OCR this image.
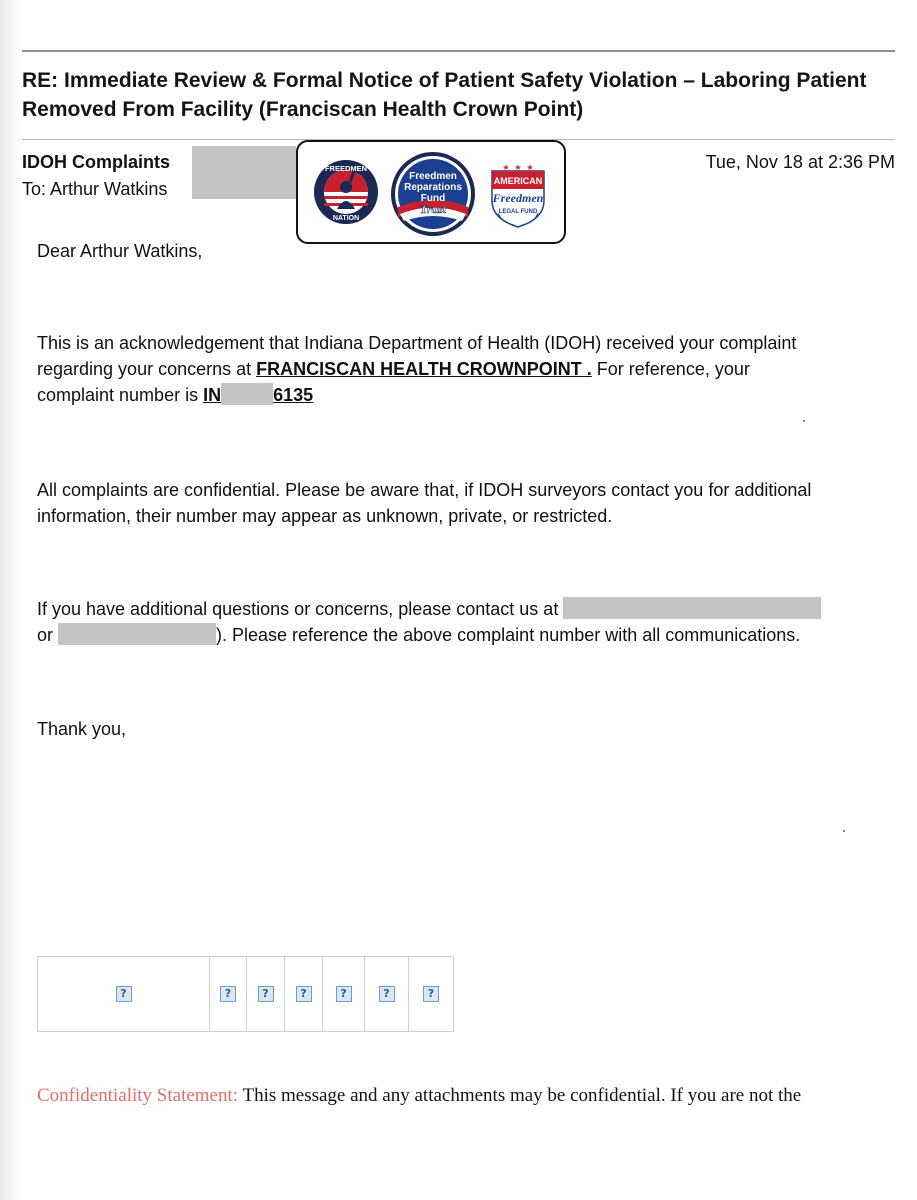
RE: Immediate Review & Formal Notice of Patient Safety Violation – Laboring Patient Removed From Facility (Franciscan Health Crown Point)
IDOH Complaints
To: Arthur Watkins
Tue, Nov 18 at 2:36 PM
FREEDMEN
NATION
Freedmen
Reparations
Fund
Trust
★ ★ ★
AMERICAN
Freedmen
LEGAL FUND

Dear Arthur Watkins,

This is an acknowledgement that Indiana Department of Health (IDOH) received your complaint regarding your concerns at FRANCISCAN HEALTH CROWNPOINT . For reference, your complaint number is IN	6135

All complaints are confidential. Please be aware that, if IDOH surveyors contact you for additional information, their number may appear as unknown, private, or restricted.

If you have additional questions or concerns, please contact us at
or	). Please reference the above complaint number with all communications.

Thank you,

?	?	?	?	?	?	?

Confidentiality Statement: This message and any attachments may be confidential. If you are not the
